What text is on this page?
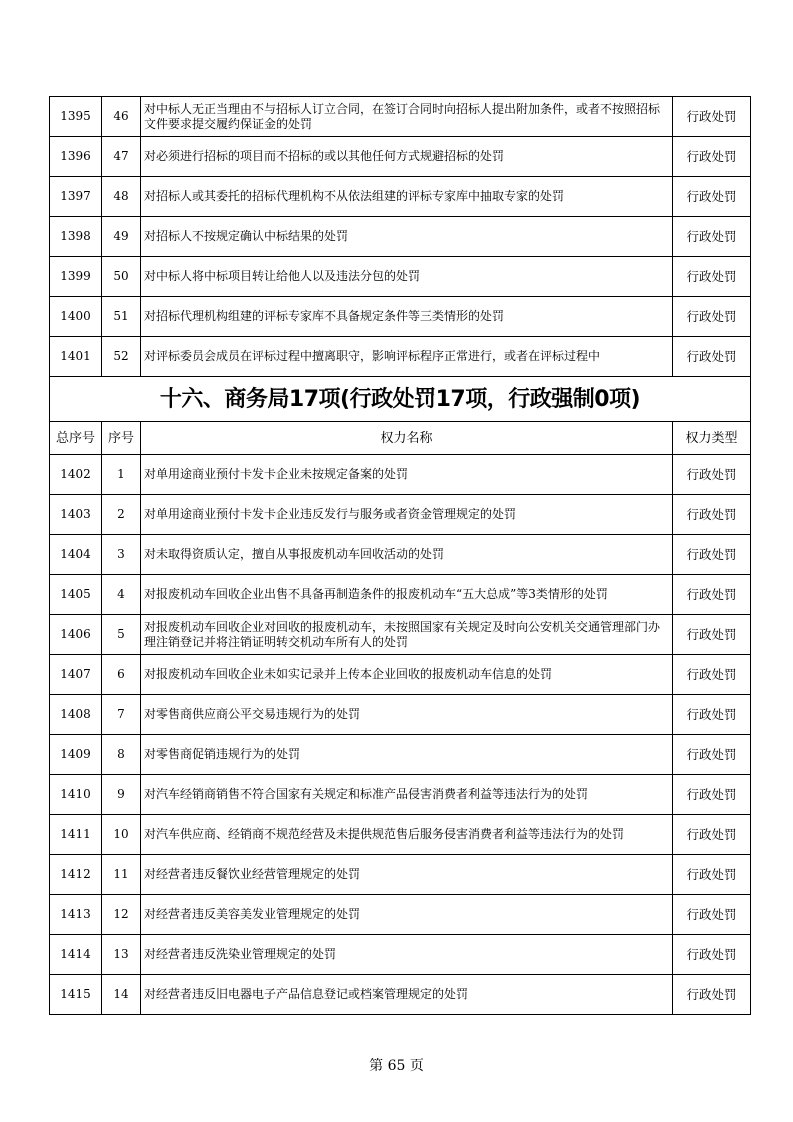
1395	46	对中标人无正当理由不与招标人订立合同，在签订合同时向招标人提出附加条件，或者不按照招标文件要求提交履约保证金的处罚	行政处罚
1396	47	对必须进行招标的项目而不招标的或以其他任何方式规避招标的处罚	行政处罚
1397	48	对招标人或其委托的招标代理机构不从依法组建的评标专家库中抽取专家的处罚	行政处罚
1398	49	对招标人不按规定确认中标结果的处罚	行政处罚
1399	50	对中标人将中标项目转让给他人以及违法分包的处罚	行政处罚
1400	51	对招标代理机构组建的评标专家库不具备规定条件等三类情形的处罚	行政处罚
1401	52	对评标委员会成员在评标过程中擅离职守，影响评标程序正常进行，或者在评标过程中	行政处罚
十六、商务局17项(行政处罚17项，行政强制0项)			
总序号	序号	权力名称	权力类型
1402	1	对单用途商业预付卡发卡企业未按规定备案的处罚	行政处罚
1403	2	对单用途商业预付卡发卡企业违反发行与服务或者资金管理规定的处罚	行政处罚
1404	3	对未取得资质认定，擅自从事报废机动车回收活动的处罚	行政处罚
1405	4	对报废机动车回收企业出售不具备再制造条件的报废机动车“五大总成”等3类情形的处罚	行政处罚
1406	5	对报废机动车回收企业对回收的报废机动车，未按照国家有关规定及时向公安机关交通管理部门办理注销登记并将注销证明转交机动车所有人的处罚	行政处罚
1407	6	对报废机动车回收企业未如实记录并上传本企业回收的报废机动车信息的处罚	行政处罚
1408	7	对零售商供应商公平交易违规行为的处罚	行政处罚
1409	8	对零售商促销违规行为的处罚	行政处罚
1410	9	对汽车经销商销售不符合国家有关规定和标准产品侵害消费者利益等违法行为的处罚	行政处罚
1411	10	对汽车供应商、经销商不规范经营及未提供规范售后服务侵害消费者利益等违法行为的处罚	行政处罚
1412	11	对经营者违反餐饮业经营管理规定的处罚	行政处罚
1413	12	对经营者违反美容美发业管理规定的处罚	行政处罚
1414	13	对经营者违反洗染业管理规定的处罚	行政处罚
1415	14	对经营者违反旧电器电子产品信息登记或档案管理规定的处罚	行政处罚
第 65 页
